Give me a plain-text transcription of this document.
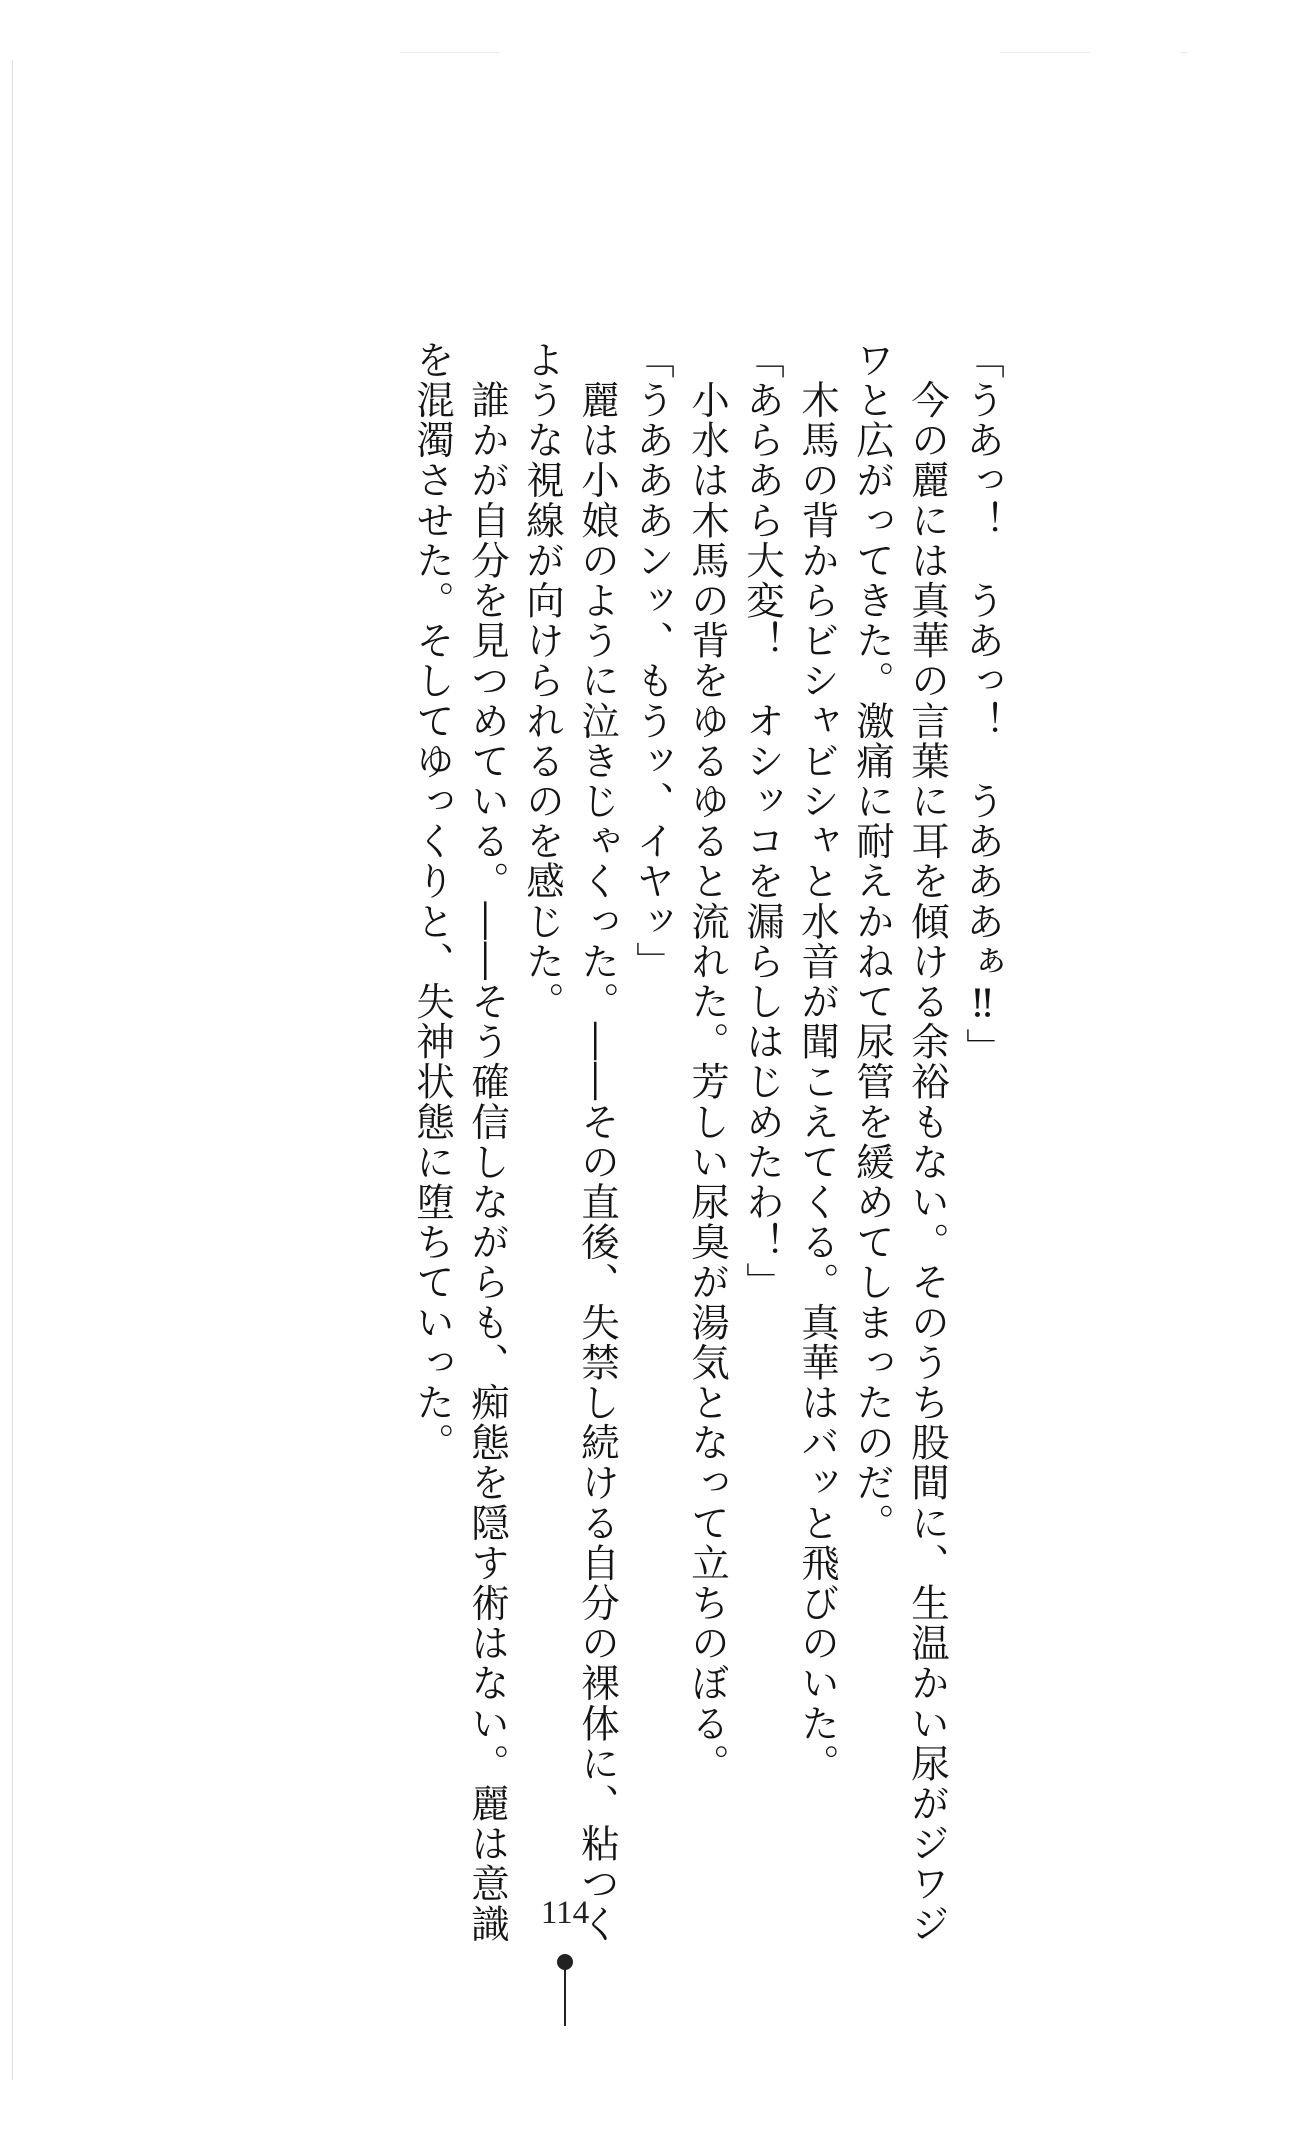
「うあっ！　うあっ！　うあああぁ‼」

　今の麗には真華の言葉に耳を傾ける余裕もない。そのうち股間に、生温かい尿がジワジ

ワと広がってきた。激痛に耐えかねて尿管を緩めてしまったのだ。

　木馬の背からビシャビシャと水音が聞こえてくる。真華はバッと飛びのいた。

「あらあら大変！　オシッコを漏らしはじめたわ！」

　小水は木馬の背をゆるゆると流れた。芳しい尿臭が湯気となって立ちのぼる。

「うあああンッ、もうッ、イヤッ」

　麗は小娘のように泣きじゃくった。――その直後、失禁し続ける自分の裸体に、粘つく

ような視線が向けられるのを感じた。

　誰かが自分を見つめている。――そう確信しながらも、痴態を隠す術はない。麗は意識

を混濁させた。そしてゆっくりと、失神状態に堕ちていった。

114
